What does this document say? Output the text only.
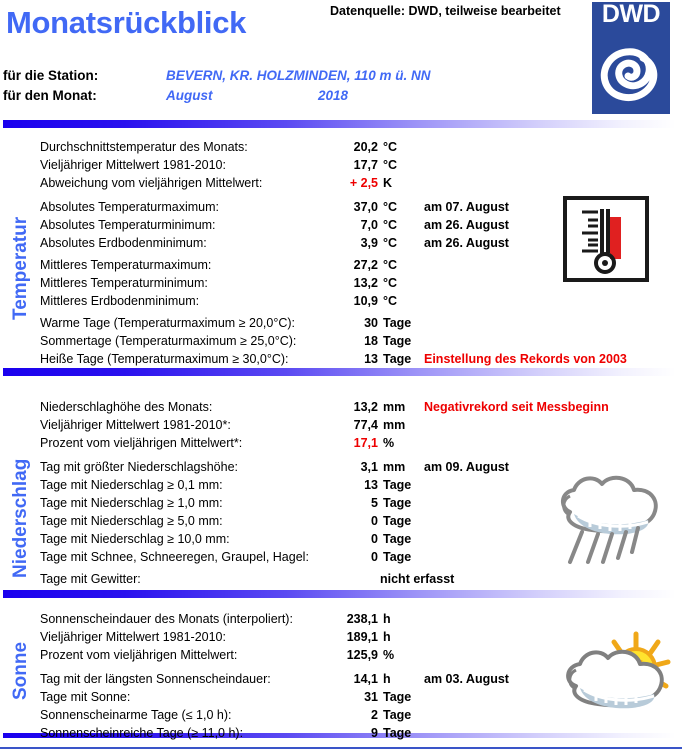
Monatsrückblick	Datenquelle: DWD, teilweise bearbeitet	DWD
für die Station:	BEVERN, KR. HOLZMINDEN, 110 m ü. NN
für den Monat:	August	2018
Temperatur
Niederschlag
Sonne
Durchschnittstemperatur des Monats:	20,2 °C
Vieljähriger Mittelwert 1981-2010:	17,7 °C
Abweichung vom vieljährigen Mittelwert:	+ 2,5 K
Absolutes Temperaturmaximum:	37,0 °C am 07. August
Absolutes Temperaturminimum:	7,0 °C am 26. August
Absolutes Erdbodenminimum:	3,9 °C am 26. August
Mittleres Temperaturmaximum:	27,2 °C
Mittleres Temperaturminimum:	13,2 °C
Mittleres Erdbodenminimum:	10,9 °C
Warme Tage (Temperaturmaximum ≥ 20,0°C):	30 Tage
Sommertage (Temperaturmaximum ≥ 25,0°C):	18 Tage
Heiße Tage (Temperaturmaximum ≥ 30,0°C):	13 Tage Einstellung des Rekords von 2003
Niederschlaghöhe des Monats:	13,2 mm Negativrekord seit Messbeginn
Vieljähriger Mittelwert 1981-2010*:	77,4 mm
Prozent vom vieljährigen Mittelwert*:	17,1 %
Tag mit größter Niederschlagshöhe:	3,1 mm am 09. August
Tage mit Niederschlag ≥ 0,1 mm:	13 Tage
Tage mit Niederschlag ≥ 1,0 mm:	5 Tage
Tage mit Niederschlag ≥ 5,0 mm:	0 Tage
Tage mit Niederschlag ≥ 10,0 mm:	0 Tage
Tage mit Schnee, Schneeregen, Graupel, Hagel:	0 Tage
Tage mit Gewitter:	nicht erfasst
Sonnenscheindauer des Monats (interpoliert):	238,1 h
Vieljähriger Mittelwert 1981-2010:	189,1 h
Prozent vom vieljährigen Mittelwert:	125,9 %
Tag mit der längsten Sonnenscheindauer:	14,1 h	am 03. August
Tage mit Sonne:	31 Tage
Sonnenscheinarme Tage (≤ 1,0 h):	2 Tage
Sonnenscheinreiche Tage (≥ 11,0 h):	9 Tage
